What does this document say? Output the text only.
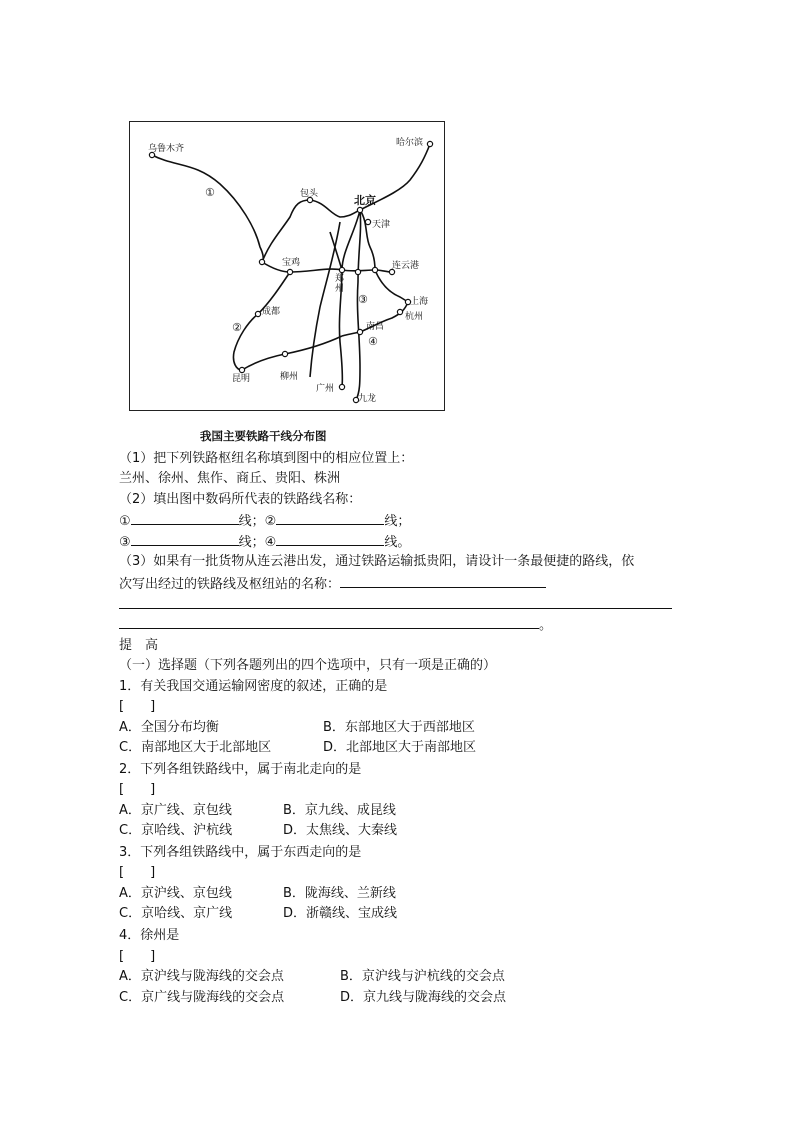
乌鲁木齐
哈尔滨
包头	北京
天津
宝鸡	连云港
郑
州
成都
上海
杭州
南昌
昆明	柳州
广州
九龙
①
②
③
④
我国主要铁路干线分布图
（1）把下列铁路枢纽名称填到图中的相应位置上：
兰州、徐州、焦作、商丘、贵阳、株洲
（2）填出图中数码所代表的铁路线名称：
①	线；②	线；
③	线；④	线。
（3）如果有一批货物从连云港出发，通过铁路运输抵贵阳，请设计一条最便捷的路线，依
次写出经过的铁路线及枢纽站的名称：
。
提　高
（一）选择题（下列各题列出的四个选项中，只有一项是正确的）
1．有关我国交通运输网密度的叙述，正确的是
[　　]
A．全国分布均衡	B．东部地区大于西部地区
C．南部地区大于北部地区	D．北部地区大于南部地区
2．下列各组铁路线中，属于南北走向的是
[　　]
A．京广线、京包线	B．京九线、成昆线
C．京哈线、沪杭线	D．太焦线、大秦线
3．下列各组铁路线中，属于东西走向的是
[　　]
A．京沪线、京包线	B．陇海线、兰新线
C．京哈线、京广线	D．浙赣线、宝成线
4．徐州是
[　　]
A．京沪线与陇海线的交会点	B．京沪线与沪杭线的交会点
C．京广线与陇海线的交会点	D．京九线与陇海线的交会点
